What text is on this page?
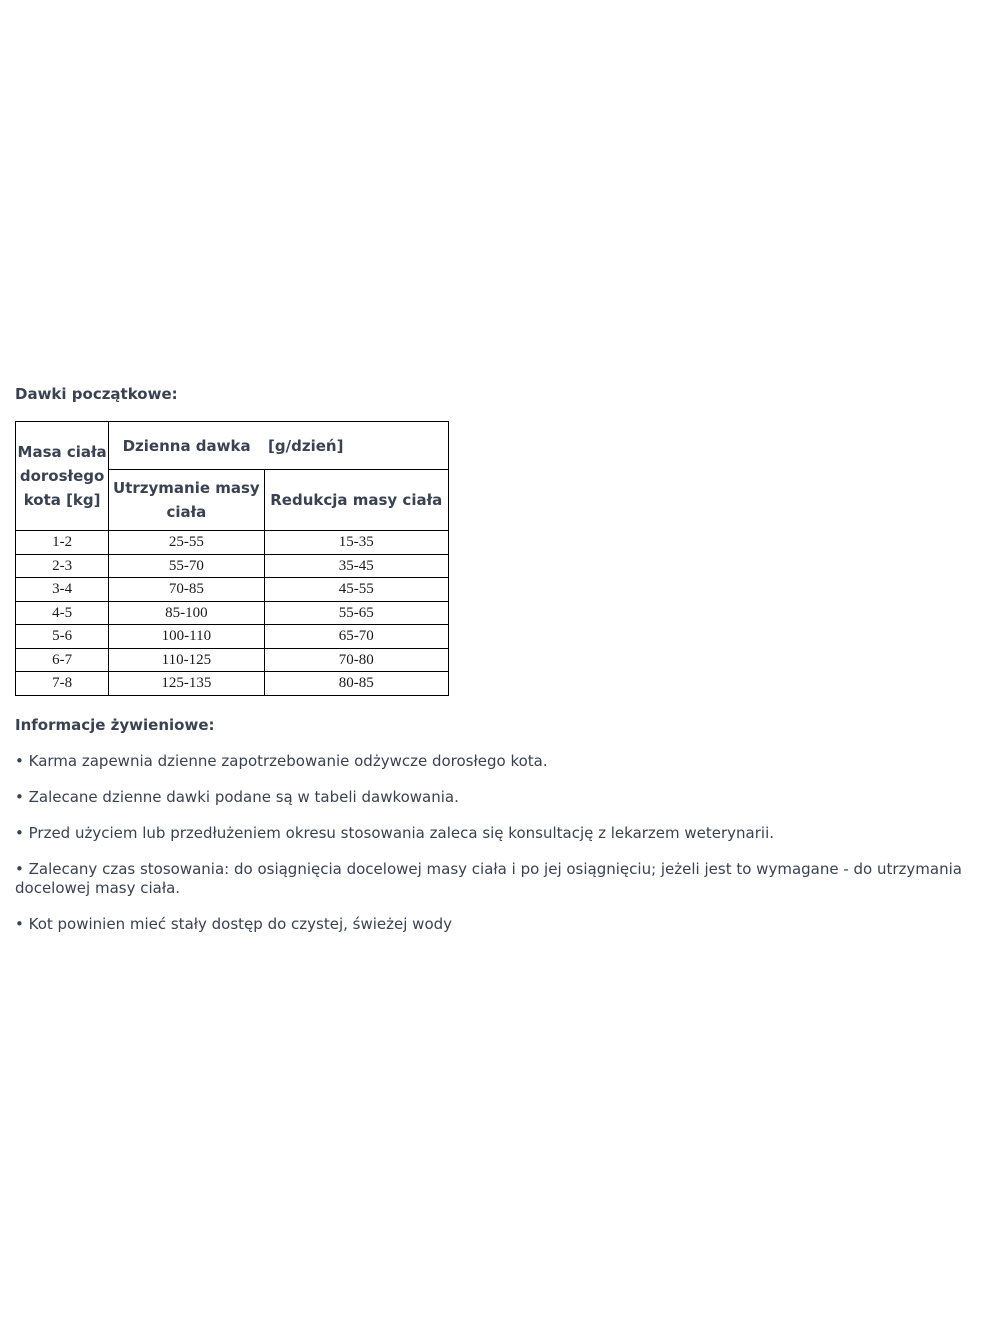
Dawki początkowe:

Masa ciała dorosłego kota [kg]	Dzienna dawka	[g/dzień]
	Utrzymanie masy ciała	Redukcja masy ciała
1-2	25-55	15-35
2-3	55-70	35-45
3-4	70-85	45-55
4-5	85-100	55-65
5-6	100-110	65-70
6-7	110-125	70-80
7-8	125-135	80-85

Informacje żywieniowe:

• Karma zapewnia dzienne zapotrzebowanie odżywcze dorosłego kota.

• Zalecane dzienne dawki podane są w tabeli dawkowania.

• Przed użyciem lub przedłużeniem okresu stosowania zaleca się konsultację z lekarzem weterynarii.

• Zalecany czas stosowania: do osiągnięcia docelowej masy ciała i po jej osiągnięciu; jeżeli jest to wymagane - do utrzymania docelowej masy ciała.

• Kot powinien mieć stały dostęp do czystej, świeżej wody
